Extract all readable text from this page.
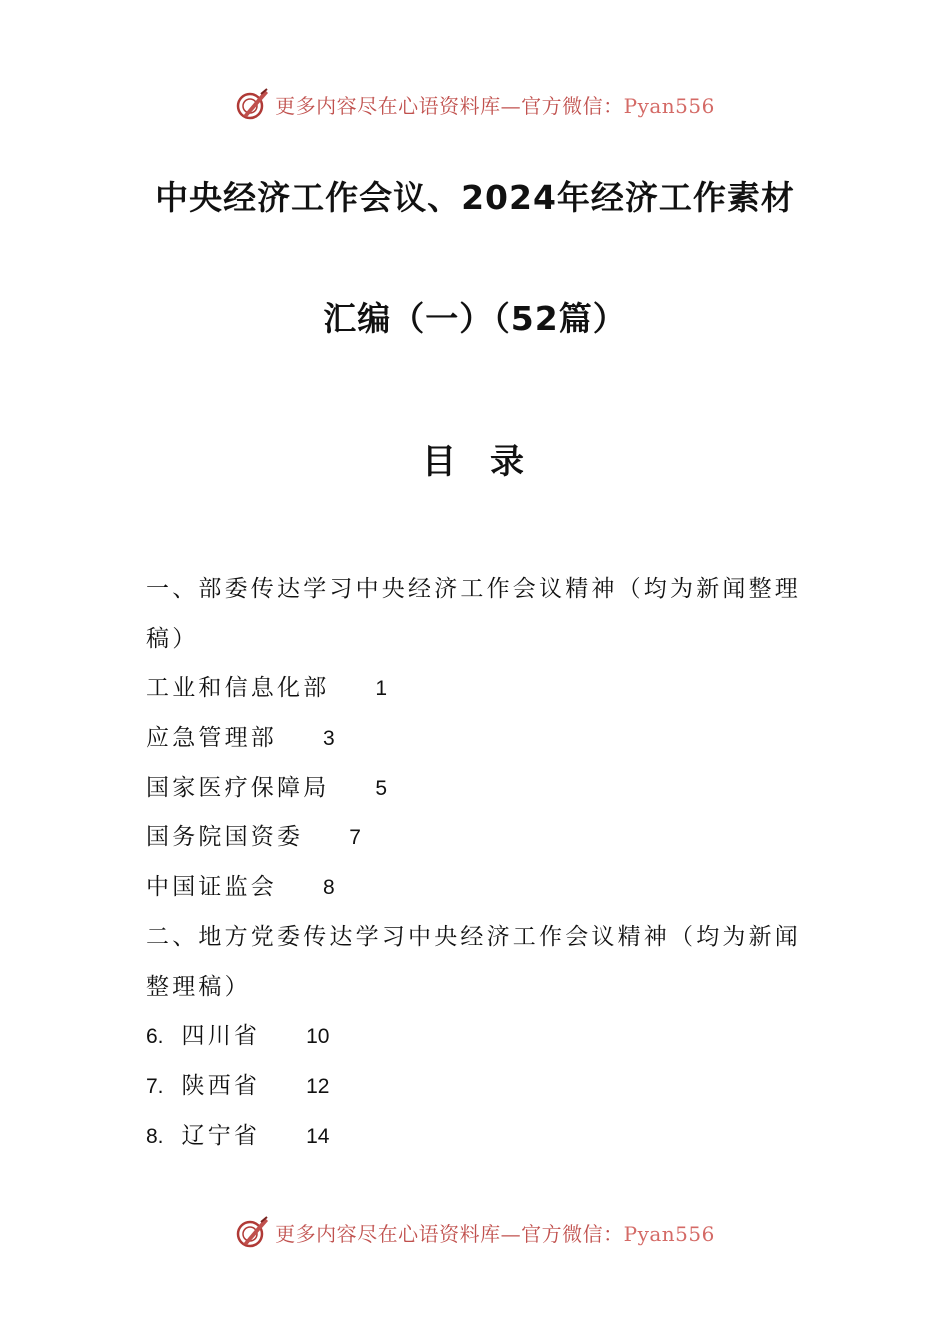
更多内容尽在心语资料库—官方微信：Pyan556
中央经济工作会议、2024年经济工作素材
汇编（一）（52篇）
目录
一、部委传达学习中央经济工作会议精神（均为新闻整理
稿）
工业和信息化部 1
应急管理部 3
国家医疗保障局 5
国务院国资委 7
中国证监会 8
二、地方党委传达学习中央经济工作会议精神（均为新闻
整理稿）
6. 四川省 10
7. 陕西省 12
8. 辽宁省 14
更多内容尽在心语资料库—官方微信：Pyan556
